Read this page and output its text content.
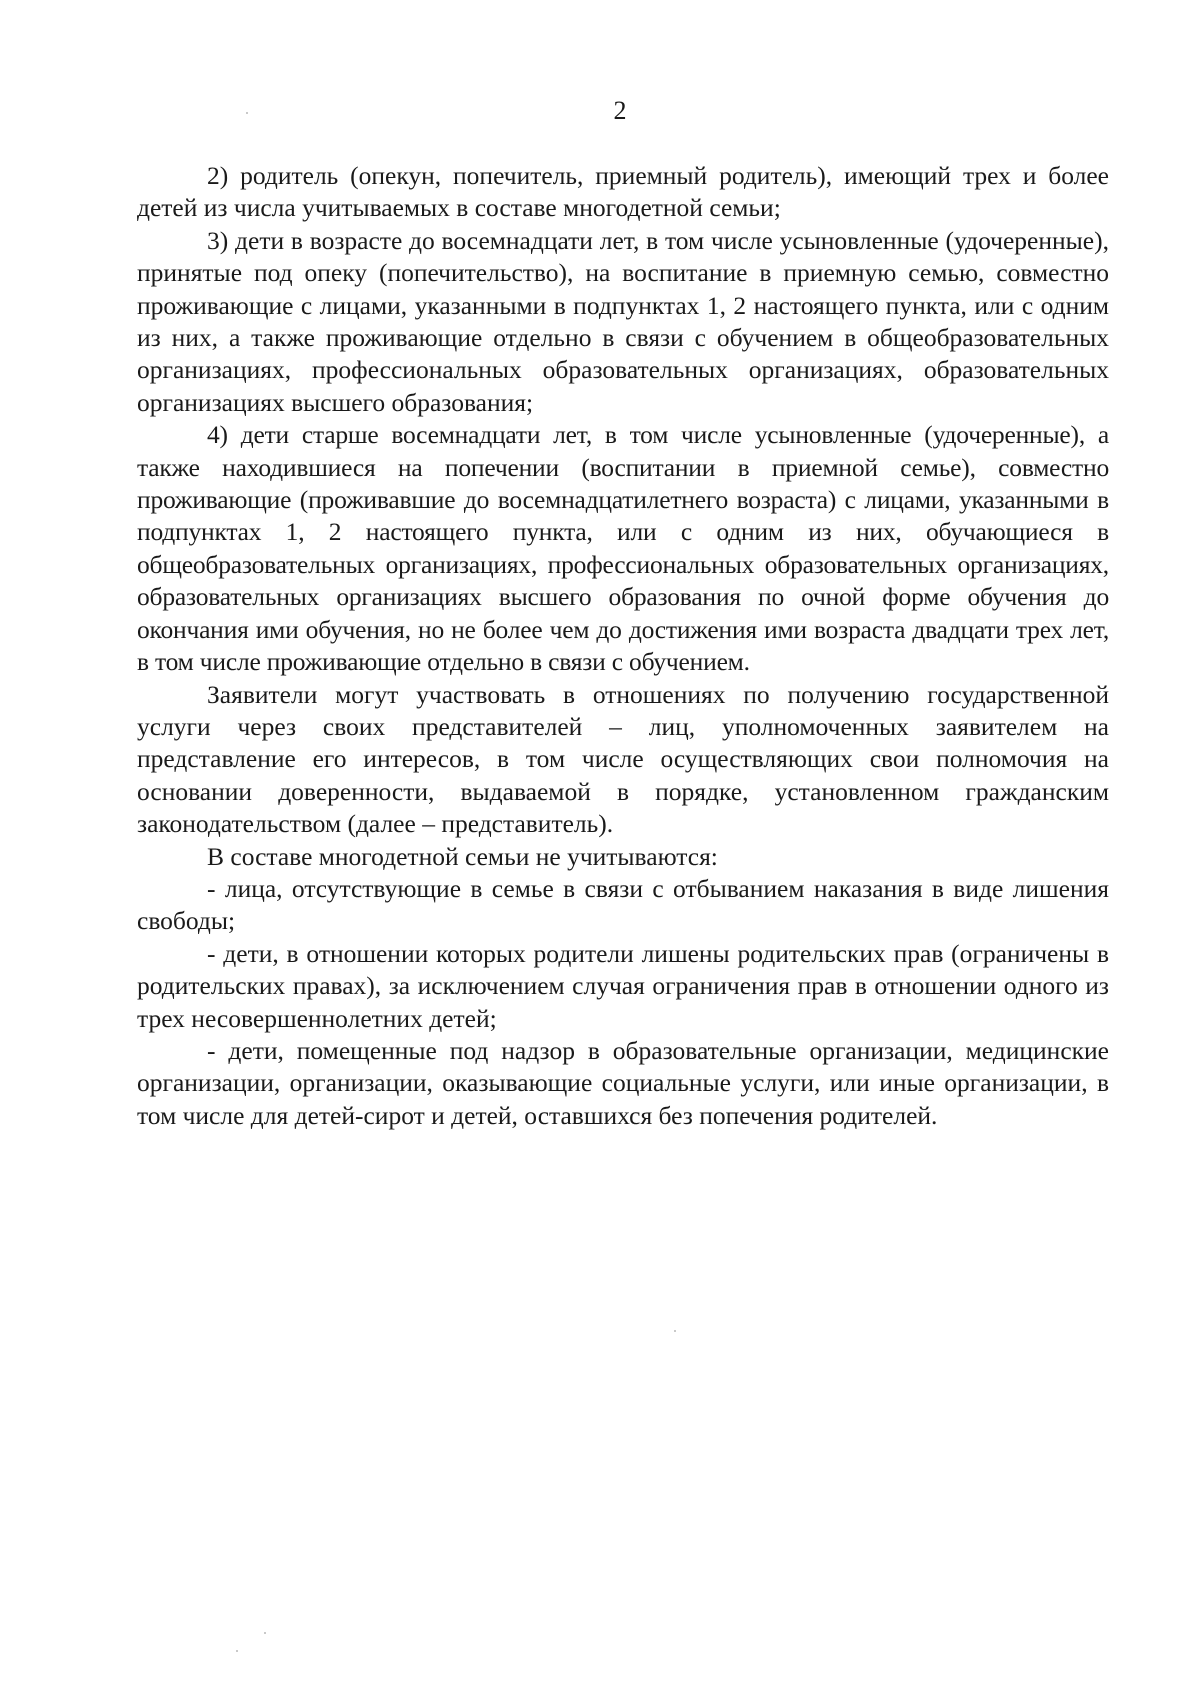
2

2) родитель (опекун, попечитель, приемный родитель), имеющий трех и более детей из числа учитываемых в составе многодетной семьи;

3) дети в возрасте до восемнадцати лет, в том числе усыновленные (удочеренные), принятые под опеку (попечительство), на воспитание в приемную семью, совместно проживающие с лицами, указанными в подпунктах 1, 2 настоящего пункта, или с одним из них, а также проживающие отдельно в связи с обучением в общеобразовательных организациях, профессиональных образовательных организациях, образовательных организациях высшего образования;

4) дети старше восемнадцати лет, в том числе усыновленные (удочеренные), а также находившиеся на попечении (воспитании в приемной семье), совместно проживающие (проживавшие до восемнадцатилетнего возраста) с лицами, указанными в подпунктах 1, 2 настоящего пункта, или с одним из них, обучающиеся в общеобразовательных организациях, профессиональных образовательных организациях, образовательных организациях высшего образования по очной форме обучения до окончания ими обучения, но не более чем до достижения ими возраста двадцати трех лет, в том числе проживающие отдельно в связи с обучением.

Заявители могут участвовать в отношениях по получению государственной услуги через своих представителей – лиц, уполномоченных заявителем на представление его интересов, в том числе осуществляющих свои полномочия на основании доверенности, выдаваемой в порядке, установленном гражданским законодательством (далее – представитель).

В составе многодетной семьи не учитываются:

- лица, отсутствующие в семье в связи с отбыванием наказания в виде лишения свободы;

- дети, в отношении которых родители лишены родительских прав (ограничены в родительских правах), за исключением случая ограничения прав в отношении одного из трех несовершеннолетних детей;

- дети, помещенные под надзор в образовательные организации, медицинские организации, организации, оказывающие социальные услуги, или иные организации, в том числе для детей-сирот и детей, оставшихся без попечения родителей.
